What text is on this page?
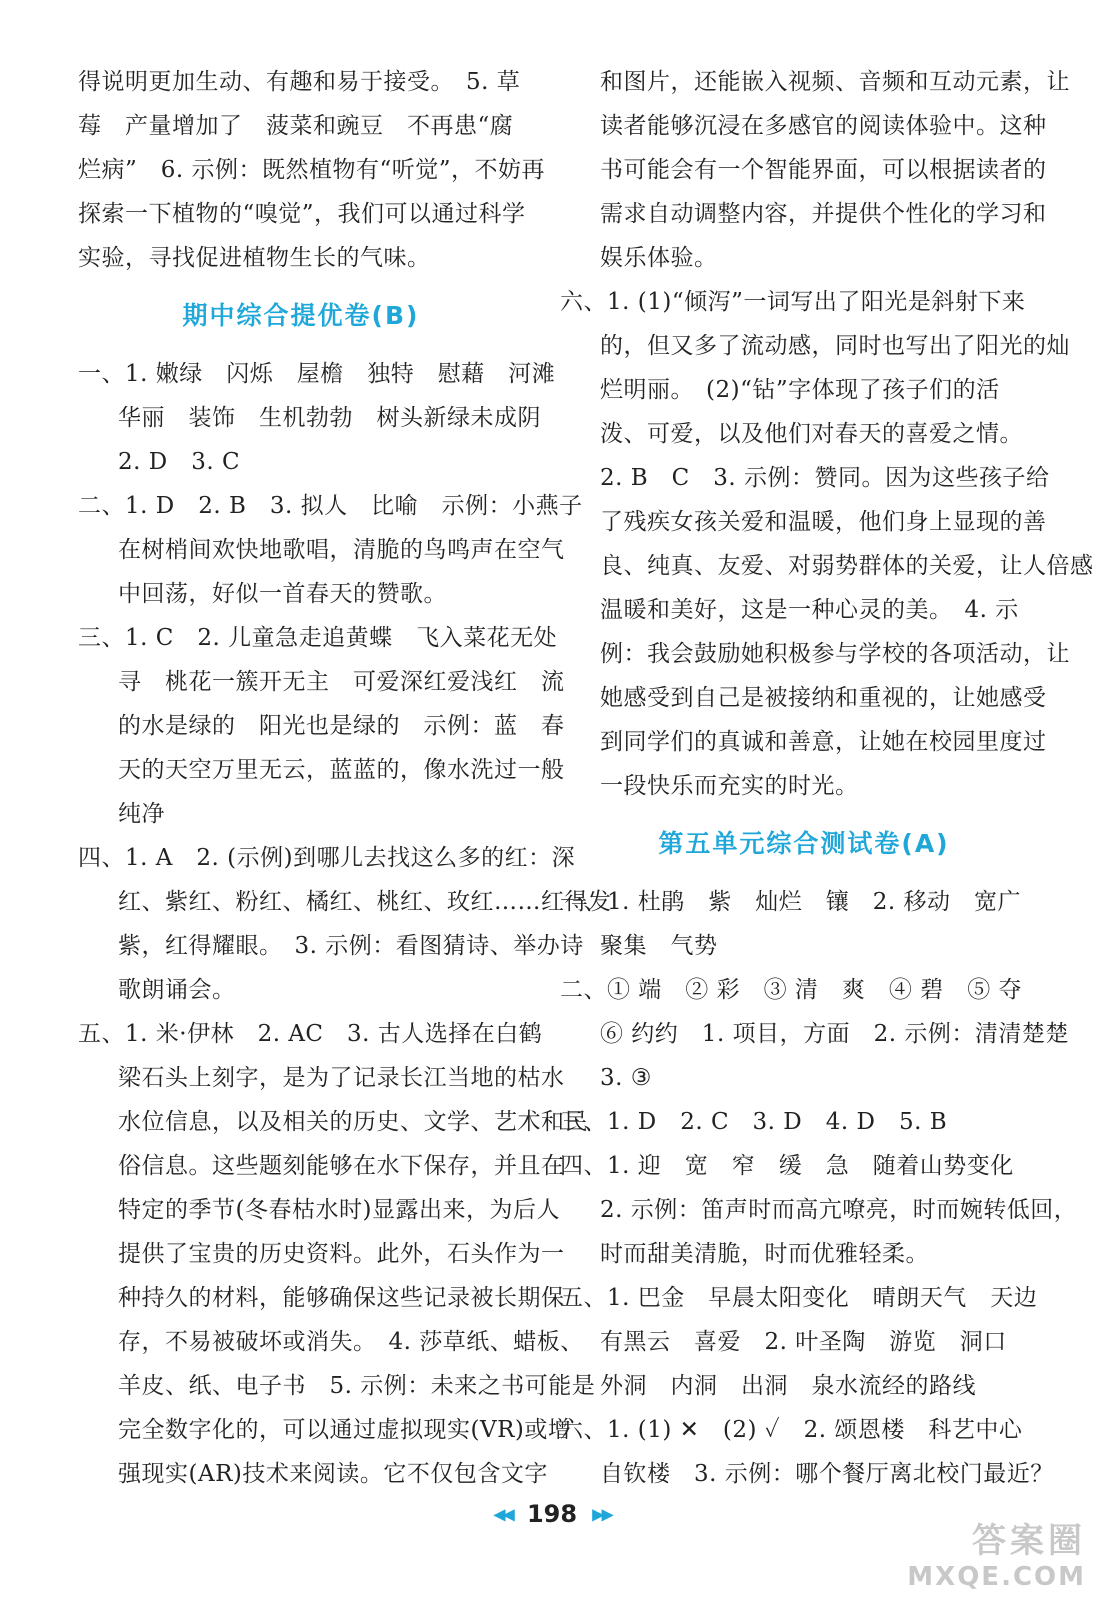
得说明更加生动、有趣和易于接受。　5. 草
莓　产量增加了　菠菜和豌豆　不再患“腐
烂病”　6. 示例：既然植物有“听觉”，不妨再
探索一下植物的“嗅觉”，我们可以通过科学
实验，寻找促进植物生长的气味。
期中综合提优卷(B)
一、1. 嫩绿　闪烁　屋檐　独特　慰藉　河滩
华丽　装饰　生机勃勃　树头新绿未成阴
2. D　3. C
二、1. D　2. B　3. 拟人　比喻　示例：小燕子
在树梢间欢快地歌唱，清脆的鸟鸣声在空气
中回荡，好似一首春天的赞歌。
三、1. C　2. 儿童急走追黄蝶　飞入菜花无处
寻　桃花一簇开无主　可爱深红爱浅红　流
的水是绿的　阳光也是绿的　示例：蓝　春
天的天空万里无云，蓝蓝的，像水洗过一般
纯净
四、1. A　2. (示例)到哪儿去找这么多的红：深
红、紫红、粉红、橘红、桃红、玫红……红得发
紫，红得耀眼。　3. 示例：看图猜诗、举办诗
歌朗诵会。
五、1. 米·伊林　2. AC　3. 古人选择在白鹤
梁石头上刻字，是为了记录长江当地的枯水
水位信息，以及相关的历史、文学、艺术和民
俗信息。这些题刻能够在水下保存，并且在
特定的季节(冬春枯水时)显露出来，为后人
提供了宝贵的历史资料。此外，石头作为一
种持久的材料，能够确保这些记录被长期保
存，不易被破坏或消失。　4. 莎草纸、蜡板、
羊皮、纸、电子书　5. 示例：未来之书可能是
完全数字化的，可以通过虚拟现实(VR)或增
强现实(AR)技术来阅读。它不仅包含文字
和图片，还能嵌入视频、音频和互动元素，让
读者能够沉浸在多感官的阅读体验中。这种
书可能会有一个智能界面，可以根据读者的
需求自动调整内容，并提供个性化的学习和
娱乐体验。
六、1. (1)“倾泻”一词写出了阳光是斜射下来
的，但又多了流动感，同时也写出了阳光的灿
烂明丽。　(2)“钻”字体现了孩子们的活
泼、可爱，以及他们对春天的喜爱之情。
2. B　C　3. 示例：赞同。因为这些孩子给
了残疾女孩关爱和温暖，他们身上显现的善
良、纯真、友爱、对弱势群体的关爱，让人倍感
温暖和美好，这是一种心灵的美。　4. 示
例：我会鼓励她积极参与学校的各项活动，让
她感受到自己是被接纳和重视的，让她感受
到同学们的真诚和善意，让她在校园里度过
一段快乐而充实的时光。
第五单元综合测试卷(A)
一、1. 杜鹃　紫　灿烂　镶　2. 移动　宽广
聚集　气势
二、① 端　② 彩　③ 清　爽　④ 碧　⑤ 夺
⑥ 约约　1. 项目，方面　2. 示例：清清楚楚
3. ③
三、1. D　2. C　3. D　4. D　5. B
四、1. 迎　宽　窄　缓　急　随着山势变化
2. 示例：笛声时而高亢嘹亮，时而婉转低回，
时而甜美清脆，时而优雅轻柔。
五、1. 巴金　早晨太阳变化　晴朗天气　天边
有黑云　喜爱　2. 叶圣陶　游览　洞口
外洞　内洞　出洞　泉水流经的路线
六、1. (1) ✕　(2) ✓　2. 颂恩楼　科艺中心
自钦楼　3. 示例：哪个餐厅离北校门最近？
◀◀ 198 ▶▶
答案圈
MXQE.COM
